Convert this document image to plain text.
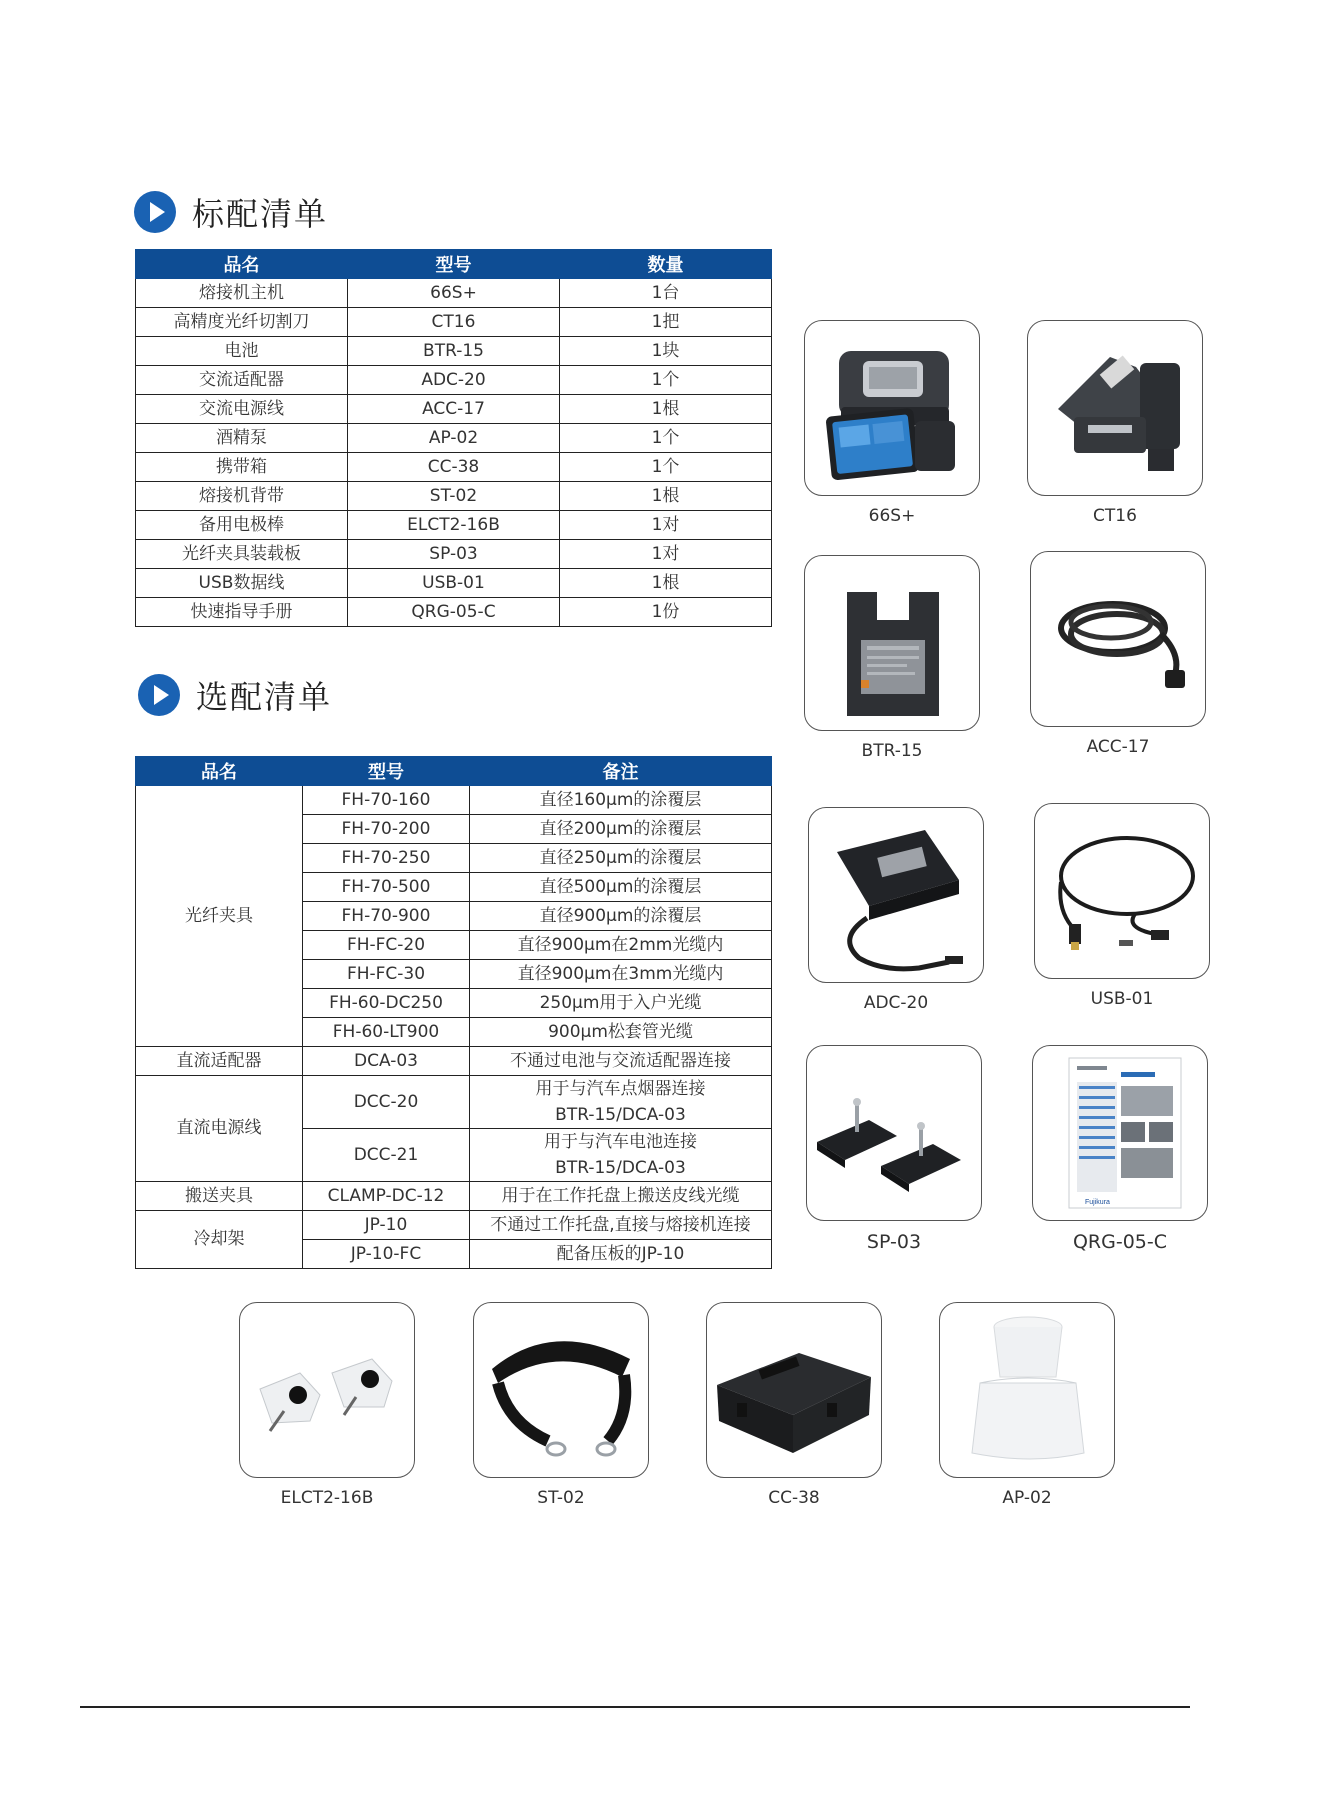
标配清单
品名	型号	数量
熔接机主机	66S+	1台
高精度光纤切割刀	CT16	1把
电池	BTR-15	1块
交流适配器	ADC-20	1个
交流电源线	ACC-17	1根
酒精泵	AP-02	1个
携带箱	CC-38	1个
熔接机背带	ST-02	1根
备用电极棒	ELCT2-16B	1对
光纤夹具装载板	SP-03	1对
USB数据线	USB-01	1根
快速指导手册	QRG-05-C	1份
选配清单
品名	型号	备注
光纤夹具	FH-70-160	直径160μm的涂覆层
	FH-70-200	直径200μm的涂覆层
	FH-70-250	直径250μm的涂覆层
	FH-70-500	直径500μm的涂覆层
	FH-70-900	直径900μm的涂覆层
	FH-FC-20	直径900μm在2mm光缆内
	FH-FC-30	直径900μm在3mm光缆内
	FH-60-DC250	250μm用于入户光缆
	FH-60-LT900	900μm松套管光缆
直流适配器	DCA-03	不通过电池与交流适配器连接
直流电源线	DCC-20	用于与汽车点烟器连接
BTR-15/DCA-03

	DCC-21	用于与汽车电池连接
BTR-15/DCA-03

搬送夹具	CLAMP-DC-12	用于在工作托盘上搬送皮线光缆
冷却架	JP-10	不通过工作托盘,直接与熔接机连接
	JP-10-FC	配备压板的JP-10
66S+	CT16
BTR-15	ACC-17
ADC-20	USB-01
SP-03
Fujikura
QRG-05-C
ELCT2-16B	ST-02	CC-38	AP-02
